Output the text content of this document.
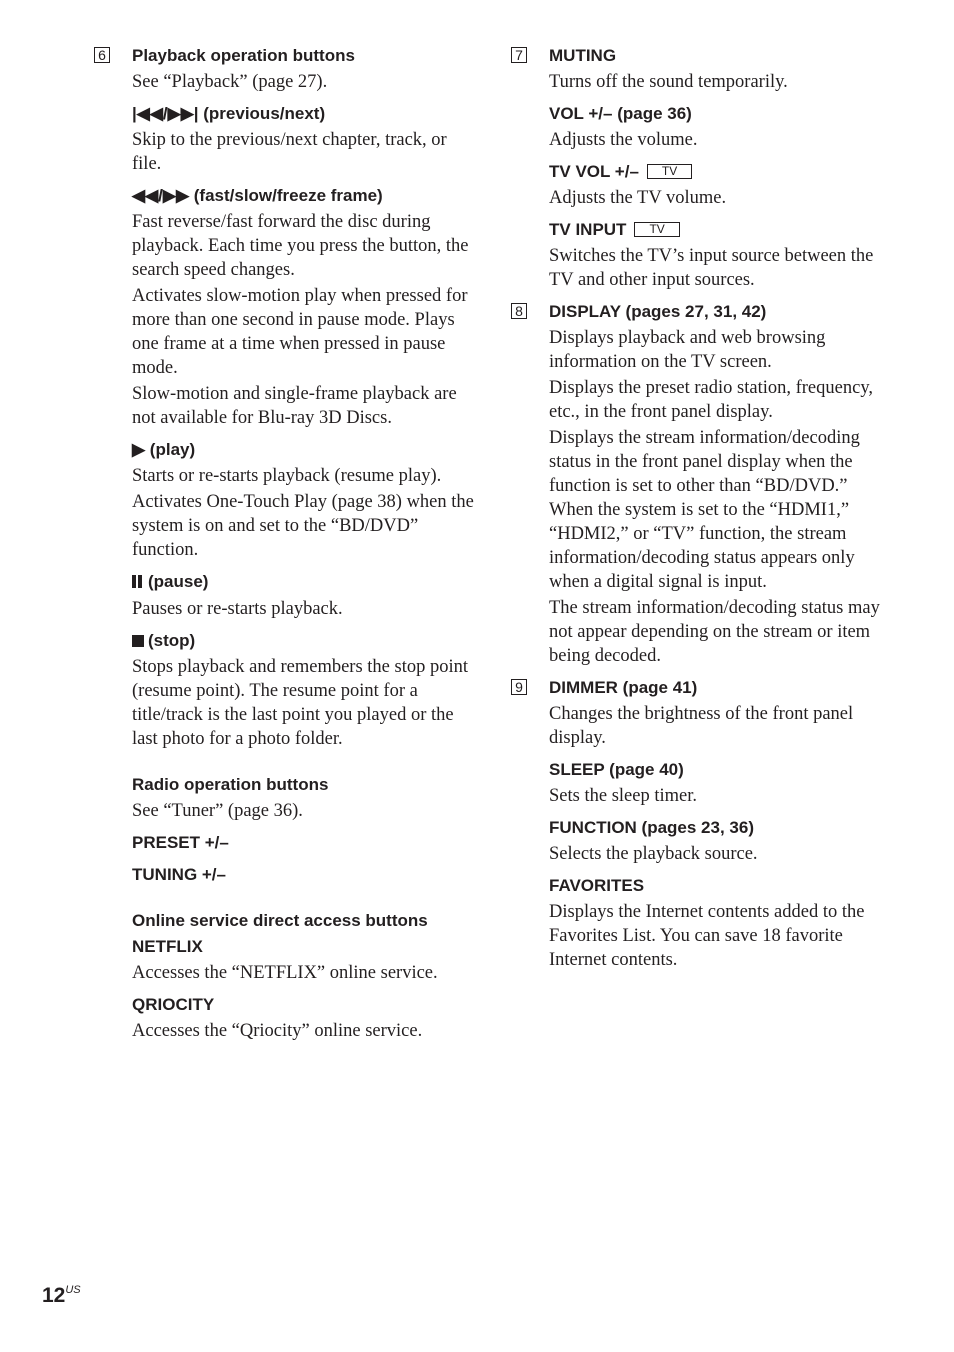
6 Playback operation buttons
See “Playback” (page 27).
|◀◀/▶▶| (previous/next)
Skip to the previous/next chapter, track, or file.
◀◀/▶▶ (fast/slow/freeze frame)
Fast reverse/fast forward the disc during playback. Each time you press the button, the search speed changes.
Activates slow-motion play when pressed for more than one second in pause mode. Plays one frame at a time when pressed in pause mode.
Slow-motion and single-frame playback are not available for Blu-ray 3D Discs.
▶ (play)
Starts or re-starts playback (resume play).
Activates One-Touch Play (page 38) when the system is on and set to the “BD/DVD” function.
(pause)
Pauses or re-starts playback.
(stop)
Stops playback and remembers the stop point (resume point). The resume point for a title/track is the last point you played or the last photo for a photo folder.
Radio operation buttons
See “Tuner” (page 36).
PRESET +/–
TUNING +/–
Online service direct access buttons
NETFLIX
Accesses the “NETFLIX” online service.
QRIOCITY
Accesses the “Qriocity” online service.
7 MUTING
Turns off the sound temporarily.
VOL +/– (page 36)
Adjusts the volume.
TV VOL +/– TV
Adjusts the TV volume.
TV INPUT TV
Switches the TV’s input source between the TV and other input sources.
8 DISPLAY (pages 27, 31, 42)
Displays playback and web browsing information on the TV screen.
Displays the preset radio station, frequency, etc., in the front panel display.
Displays the stream information/decoding status in the front panel display when the function is set to other than “BD/DVD.” When the system is set to the “HDMI1,” “HDMI2,” or “TV” function, the stream information/decoding status appears only when a digital signal is input.
The stream information/decoding status may not appear depending on the stream or item being decoded.
9 DIMMER (page 41)
Changes the brightness of the front panel display.
SLEEP (page 40)
Sets the sleep timer.
FUNCTION (pages 23, 36)
Selects the playback source.
FAVORITES
Displays the Internet contents added to the Favorites List. You can save 18 favorite Internet contents.
$12^{US}$
